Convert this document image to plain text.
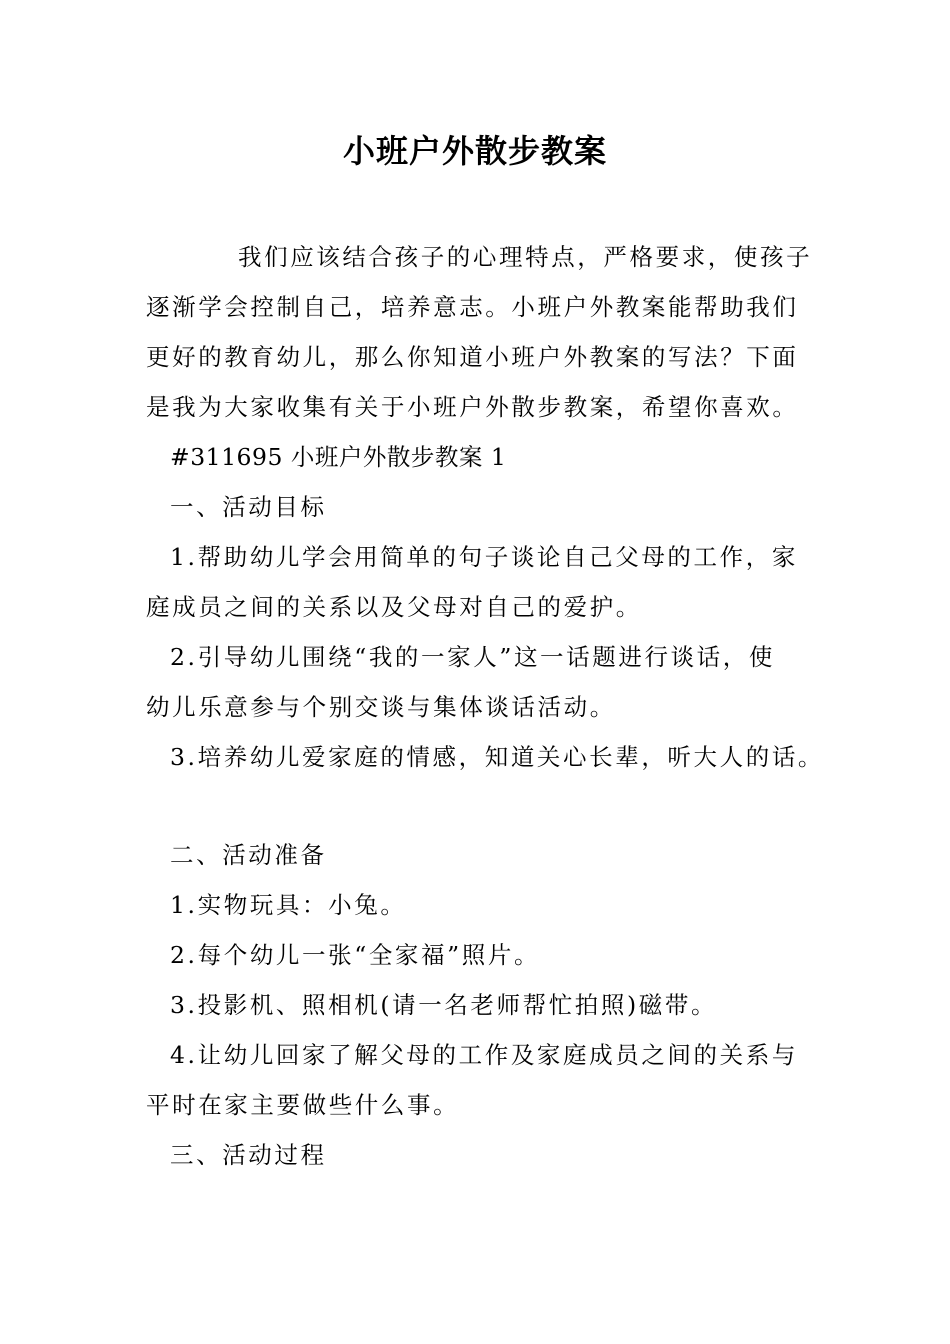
小班户外散步教案
我们应该结合孩子的心理特点，严格要求，使孩子
逐渐学会控制自己，培养意志。小班户外教案能帮助我们
更好的教育幼儿，那么你知道小班户外教案的写法？下面
是我为大家收集有关于小班户外散步教案，希望你喜欢。
#311695 小班户外散步教案 1
一、活动目标
1.帮助幼儿学会用简单的句子谈论自己父母的工作，家
庭成员之间的关系以及父母对自己的爱护。
2.引导幼儿围绕“我的一家人”这一话题进行谈话，使
幼儿乐意参与个别交谈与集体谈话活动。
3.培养幼儿爱家庭的情感，知道关心长辈，听大人的话。
二、活动准备
1.实物玩具：小兔。
2.每个幼儿一张“全家福”照片。
3.投影机、照相机(请一名老师帮忙拍照)磁带。
4.让幼儿回家了解父母的工作及家庭成员之间的关系与
平时在家主要做些什么事。
三、活动过程
